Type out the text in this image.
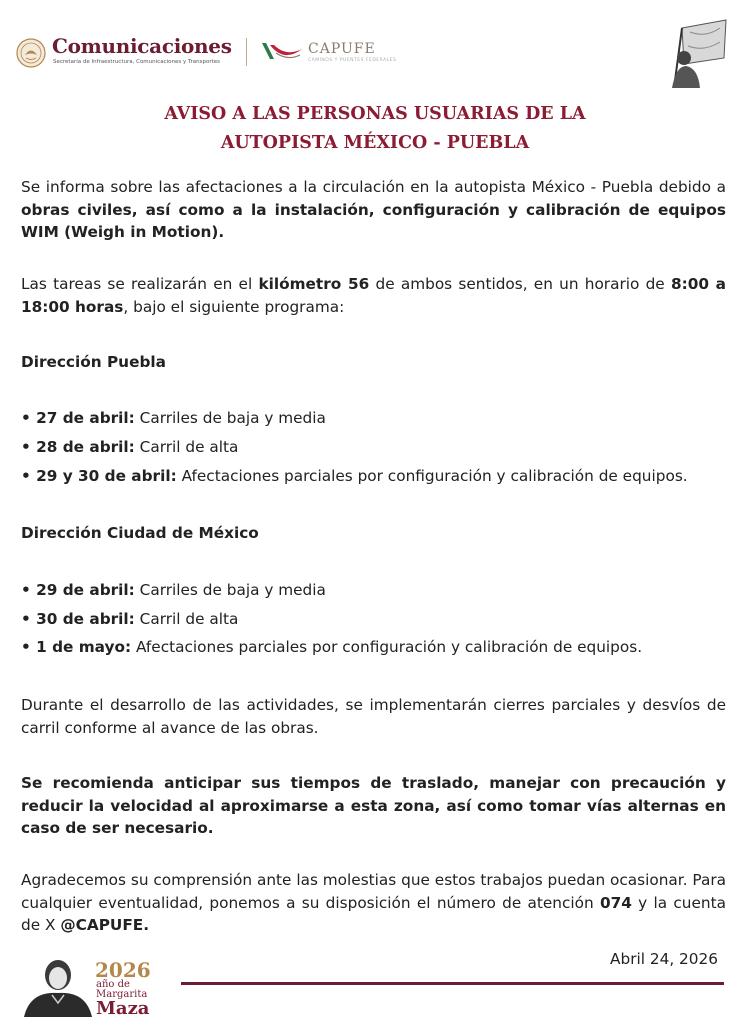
Comunicaciones
Secretaría de Infraestructura, Comunicaciones y Transportes
CAPUFE
CAMINOS Y PUENTES FEDERALES
AVISO A LAS PERSONAS USUARIAS DE LA
AUTOPISTA MÉXICO - PUEBLA
Se informa sobre las afectaciones a la circulación en la autopista México - Puebla debido a obras civiles, así como a la instalación, configuración y calibración de equipos WIM (Weigh in Motion).
Las tareas se realizarán en el kilómetro 56 de ambos sentidos, en un horario de 8:00 a 18:00 horas, bajo el siguiente programa:
Dirección Puebla
• 27 de abril: Carriles de baja y media
• 28 de abril: Carril de alta
• 29 y 30 de abril: Afectaciones parciales por configuración y calibración de equipos.
Dirección Ciudad de México
• 29 de abril: Carriles de baja y media
• 30 de abril: Carril de alta
• 1 de mayo: Afectaciones parciales por configuración y calibración de equipos.
Durante el desarrollo de las actividades, se implementarán cierres parciales y desvíos de carril conforme al avance de las obras.
Se recomienda anticipar sus tiempos de traslado, manejar con precaución y reducir la velocidad al aproximarse a esta zona, así como tomar vías alternas en caso de ser necesario.
Agradecemos su comprensión ante las molestias que estos trabajos puedan ocasionar. Para cualquier eventualidad, ponemos a su disposición el número de atención 074 y la cuenta de X @CAPUFE.
Abril 24, 2026
2026
año de
Margarita
Maza
